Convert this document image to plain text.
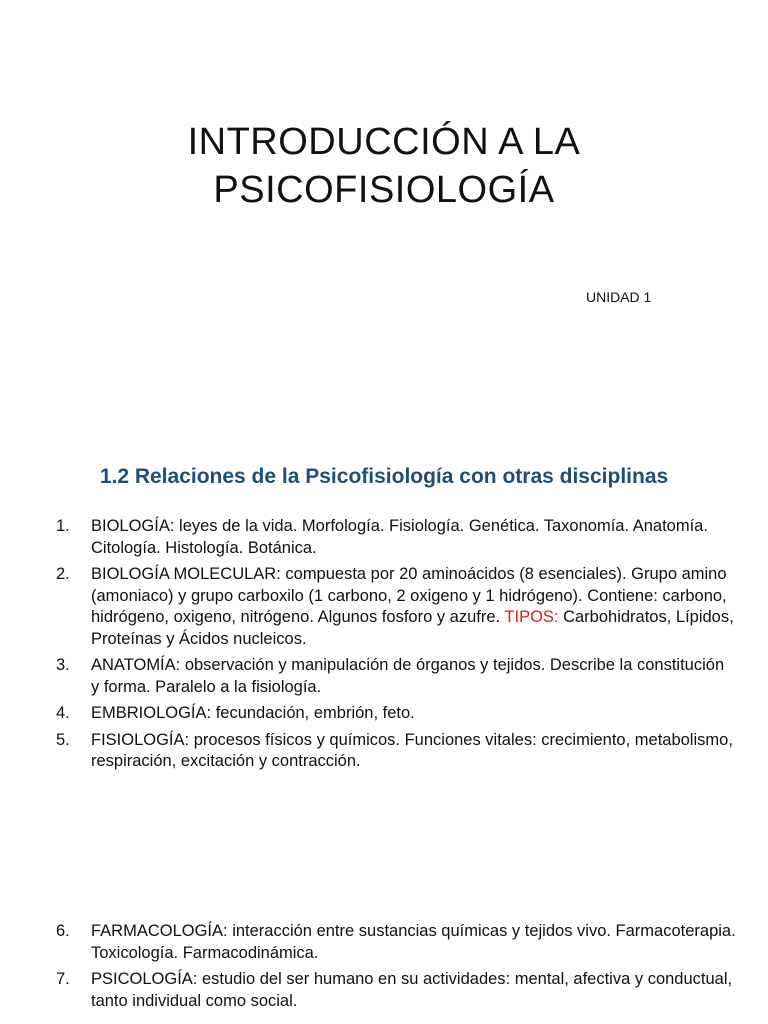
INTRODUCCIÓN A LA
PSICOFISIOLOGÍA

UNIDAD 1

1.2 Relaciones de la Psicofisiología con otras disciplinas
1. BIOLOGÍA: leyes de la vida. Morfología. Fisiología. Genética. Taxonomía. Anatomía. Citología. Histología. Botánica.
2. BIOLOGÍA MOLECULAR: compuesta por 20 aminoácidos (8 esenciales). Grupo amino (amoniaco) y grupo carboxilo (1 carbono, 2 oxigeno y 1 hidrógeno). Contiene: carbono, hidrógeno, oxigeno, nitrógeno. Algunos fosforo y azufre. TIPOS: Carbohidratos, Lípidos, Proteínas y Ácidos nucleicos.
3. ANATOMÍA: observación y manipulación de órganos y tejidos. Describe la constitución y forma. Paralelo a la fisiología.
4. EMBRIOLOGÍA: fecundación, embrión, feto.
5. FISIOLOGÍA: procesos físicos y químicos. Funciones vitales: crecimiento, metabolismo, respiración, excitación y contracción.
6. FARMACOLOGÍA: interacción entre sustancias químicas y tejidos vivo. Farmacoterapia. Toxicología. Farmacodinámica.
7. PSICOLOGÍA: estudio del ser humano en su actividades: mental, afectiva y conductual, tanto individual como social.
